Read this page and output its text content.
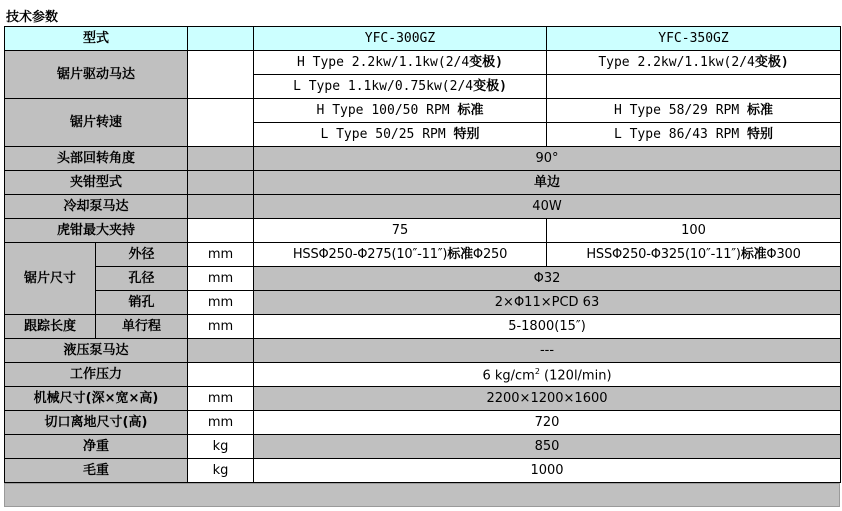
技术参数
型式			YFC-300GZ	YFC-350GZ
锯片驱动马达			H Type 2.2kw/1.1kw(2/4变极)	Type 2.2kw/1.1kw(2/4变极)
			L Type 1.1kw/0.75kw(2/4变极)	
锯片转速			H Type 100/50 RPM 标准	H Type 58/29 RPM 标准
			L Type 50/25 RPM 特别	L Type 86/43 RPM 特别
头部回转角度			90°	
夹钳型式			单边	
冷却泵马达			40W	
虎钳最大夹持			75	100
锯片尺寸	外径	mm	HSSΦ250-Φ275(10″-11″)标准Φ250	HSSΦ250-Φ325(10″-11″)标准Φ300
	孔径	mm	Φ32	
	销孔	mm	2×Φ11×PCD 63	
跟踪长度	单行程	mm	5-1800(15″)	
液压泵马达			---	
工作压力			6 $kg/cm^2$ (120l/min)	
机械尺寸(深×宽×高)		mm	2200×1200×1600	
切口离地尺寸(高)		mm	720	
净重		kg	850	
毛重		kg	1000	
